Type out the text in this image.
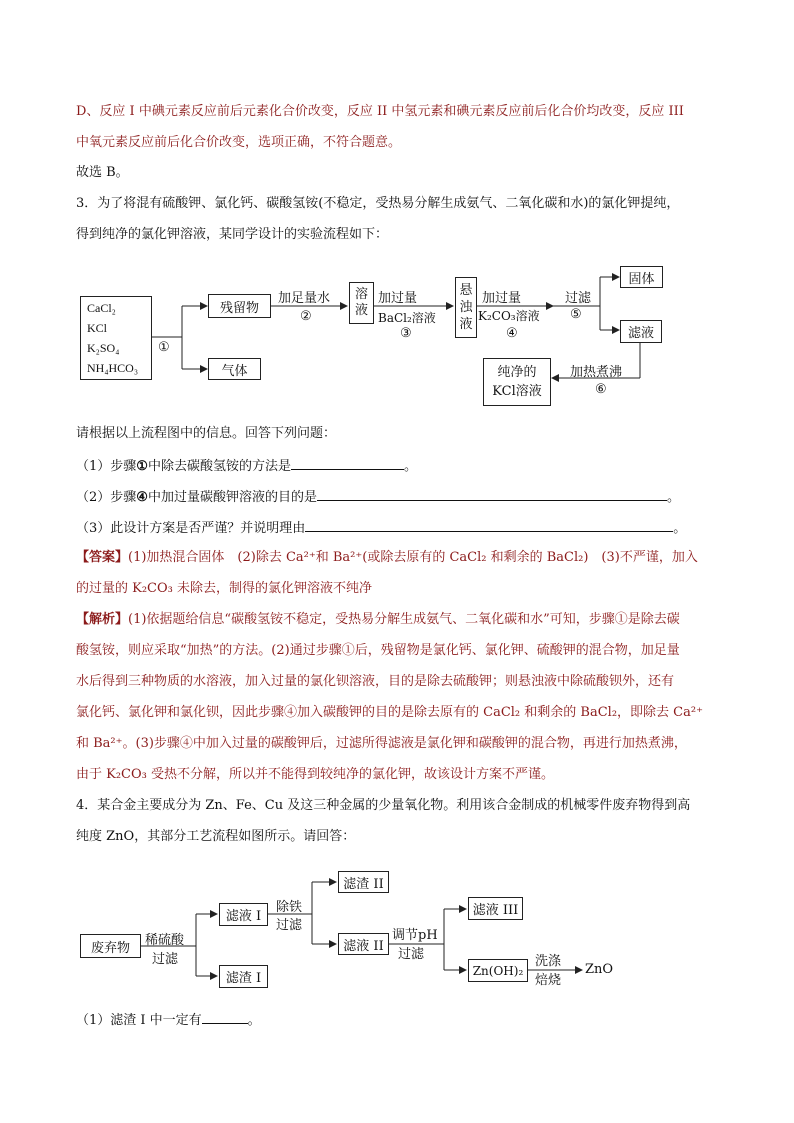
D、反应 I 中碘元素反应前后元素化合价改变，反应 II 中氢元素和碘元素反应前后化合价均改变，反应 III
中氧元素反应前后化合价改变，选项正确，不符合题意。
故选 B。
3．为了将混有硫酸钾、氯化钙、碳酸氢铵(不稳定，受热易分解生成氨气、二氧化碳和水)的氯化钾提纯，
得到纯净的氯化钾溶液，某同学设计的实验流程如下：
CaCl₂
KCl
K₂SO₄
NH₄HCO₃
①
残留物
气体
加足量水
②
溶液
加过量
BaCl₂溶液
③
悬浊液
加过量
K₂CO₃溶液
④
过滤
⑤
固体
滤液
加热煮沸
⑥
纯净的
KCl溶液
请根据以上流程图中的信息。回答下列问题：
（1）步骤①中除去碳酸氢铵的方法是	。
（2）步骤④中加过量碳酸钾溶液的目的是	。
（3）此设计方案是否严谨？并说明理由	。
【答案】(1)加热混合固体　(2)除去 Ca²⁺和 Ba²⁺(或除去原有的 CaCl₂ 和剩余的 BaCl₂)　(3)不严谨，加入
的过量的 K₂CO₃ 未除去，制得的氯化钾溶液不纯净
【解析】(1)依据题给信息“碳酸氢铵不稳定，受热易分解生成氨气、二氧化碳和水”可知，步骤①是除去碳
酸氢铵，则应采取“加热”的方法。(2)通过步骤①后，残留物是氯化钙、氯化钾、硫酸钾的混合物，加足量
水后得到三种物质的水溶液，加入过量的氯化钡溶液，目的是除去硫酸钾；则悬浊液中除硫酸钡外，还有
氯化钙、氯化钾和氯化钡，因此步骤④加入碳酸钾的目的是除去原有的 CaCl₂ 和剩余的 BaCl₂，即除去 Ca²⁺
和 Ba²⁺。(3)步骤④中加入过量的碳酸钾后，过滤所得滤液是氯化钾和碳酸钾的混合物，再进行加热煮沸，
由于 K₂CO₃ 受热不分解，所以并不能得到较纯净的氯化钾，故该设计方案不严谨。
4．某合金主要成分为 Zn、Fe、Cu 及这三种金属的少量氧化物。利用该合金制成的机械零件废弃物得到高
纯度 ZnO，其部分工艺流程如图所示。请回答：
废弃物	稀硫酸
过滤
滤液 I
滤渣 I
除铁
过滤
滤渣 II
滤液 II
调节pH
过滤
滤液 III
Zn(OH)₂
洗涤
焙烧
ZnO
（1）滤渣 I 中一定有	。
